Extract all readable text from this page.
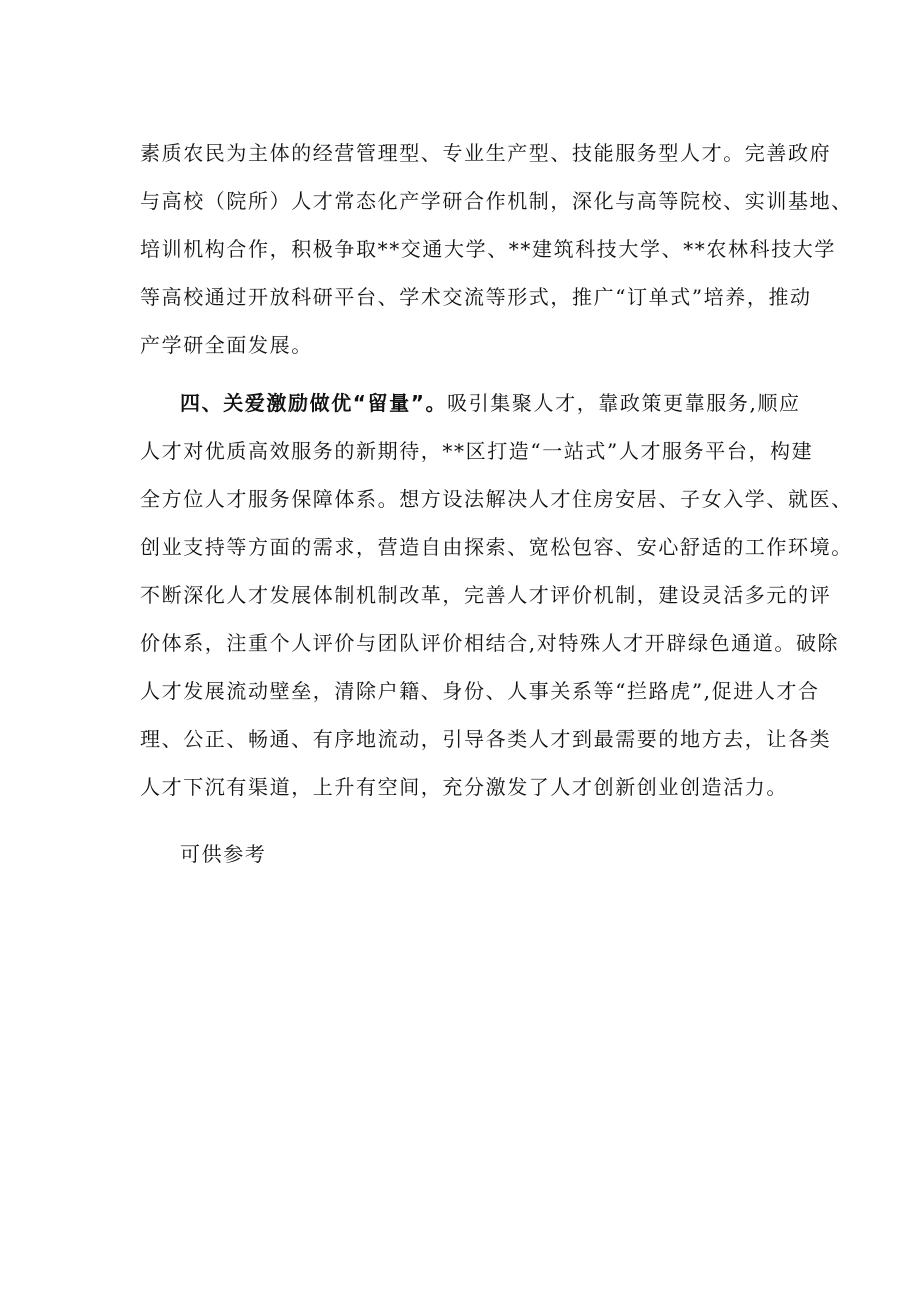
素质农民为主体的经营管理型、专业生产型、技能服务型人才。完善政府
与高校（院所）人才常态化产学研合作机制，深化与高等院校、实训基地、
培训机构合作，积极争取**交通大学、**建筑科技大学、**农林科技大学
等高校通过开放科研平台、学术交流等形式，推广“订单式”培养，推动
产学研全面发展。
四、关爱激励做优“留量”。吸引集聚人才，靠政策更靠服务,顺应
人才对优质高效服务的新期待，**区打造“一站式”人才服务平台，构建
全方位人才服务保障体系。想方设法解决人才住房安居、子女入学、就医、
创业支持等方面的需求，营造自由探索、宽松包容、安心舒适的工作环境。
不断深化人才发展体制机制改革，完善人才评价机制，建设灵活多元的评
价体系，注重个人评价与团队评价相结合,对特殊人才开辟绿色通道。破除
人才发展流动壁垒，清除户籍、身份、人事关系等“拦路虎”,促进人才合
理、公正、畅通、有序地流动，引导各类人才到最需要的地方去，让各类
人才下沉有渠道，上升有空间，充分激发了人才创新创业创造活力。
可供参考
